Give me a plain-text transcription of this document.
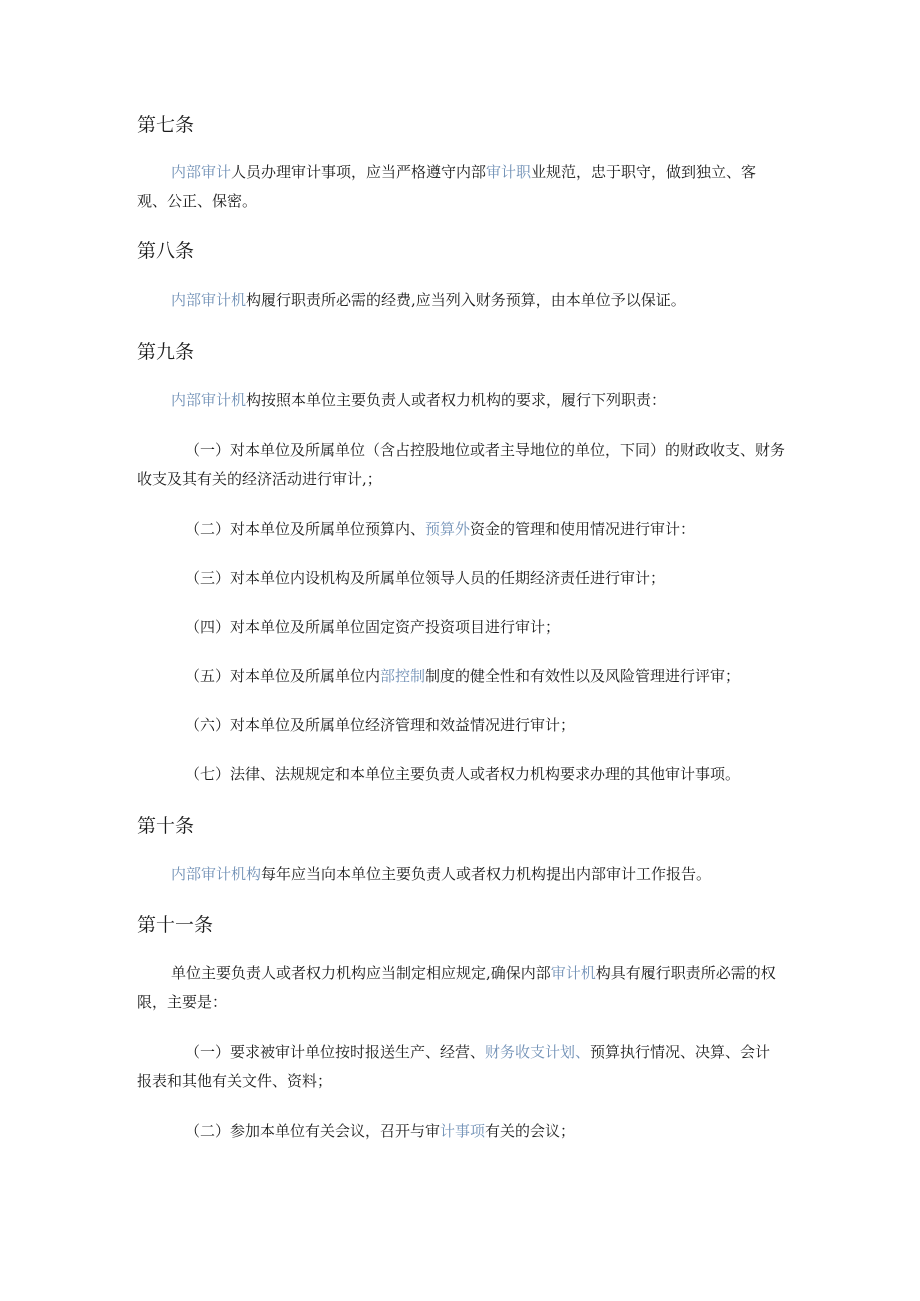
第七条

内部审计人员办理审计事项，应当严格遵守内部审计职业规范，忠于职守，做到独立、客观、公正、保密。

第八条

内部审计机构履行职责所必需的经费,应当列入财务预算，由本单位予以保证。

第九条

内部审计机构按照本单位主要负责人或者权力机构的要求，履行下列职责：

（一）对本单位及所属单位（含占控股地位或者主导地位的单位，下同）的财政收支、财务收支及其有关的经济活动进行审计,；

（二）对本单位及所属单位预算内、预算外资金的管理和使用情况进行审计：

（三）对本单位内设机构及所属单位领导人员的任期经济责任进行审计；

（四）对本单位及所属单位固定资产投资项目进行审计；

（五）对本单位及所属单位内部控制制度的健全性和有效性以及风险管理进行评审；

（六）对本单位及所属单位经济管理和效益情况进行审计；

（七）法律、法规规定和本单位主要负责人或者权力机构要求办理的其他审计事项。

第十条

内部审计机构每年应当向本单位主要负责人或者权力机构提出内部审计工作报告。

第十一条

单位主要负责人或者权力机构应当制定相应规定,确保内部审计机构具有履行职责所必需的权限，主要是：

（一）要求被审计单位按时报送生产、经营、财务收支计划、预算执行情况、决算、会计报表和其他有关文件、资料；

（二）参加本单位有关会议，召开与审计事项有关的会议；
